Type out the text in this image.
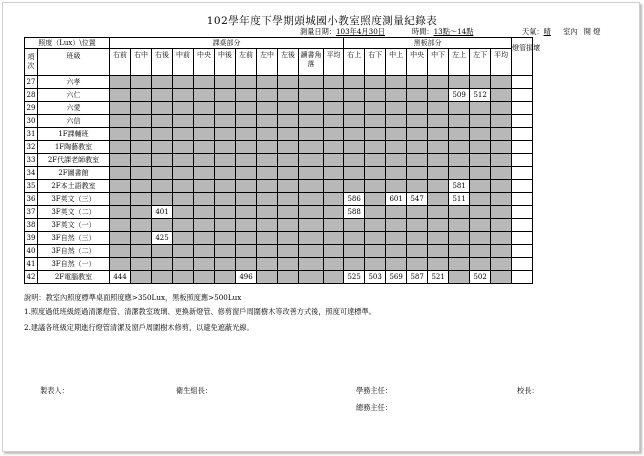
102學年度下學期頭城國小教室照度測量紀錄表
測量日期：103年4月30日	時間：13點～14點	天氣：晴 室內 開 燈
照度（Lux）\位置		課桌部分											黑板部分								燈管損壞
項次	班級	右前	右中	右後	中前	中央	中後	左前	左中	左後	讀書角落	平均	右上	右下	中上	中央	中下	左上	左下	平均	
27	六孝																				
28	六仁																	509	512		
29	六愛																				
30	六信																				
31	1F課輔班																				
32	1F陶藝教室																				
33	2F代課老師教室																				
34	2F圖書館																				
35	2F本土語教室																	581			
36	3F英文（三）												586		601	547		511			
37	3F英文（二）			401									588								
38	3F英文（一）																				
39	3F自然（三）			425																	
40	3F自然（二）																				
41	3F自然（一）																				
42	2F電腦教室	444						496					525	503	569	587	521		502		
說明：教室內照度標準桌面照度應>350Lux，黑板照度應>500Lux
1.照度過低班級經過清潔燈管、清潔教室玻璃、更換新燈管、修剪窗戶周圍樹木等改善方式後，照度可達標準。
2.建議各班級定期進行燈管清潔及窗戶周圍樹木修剪，以避免遮蔽光線。
製表人：	衛生組長：	學務主任：	校長：
總務主任：
